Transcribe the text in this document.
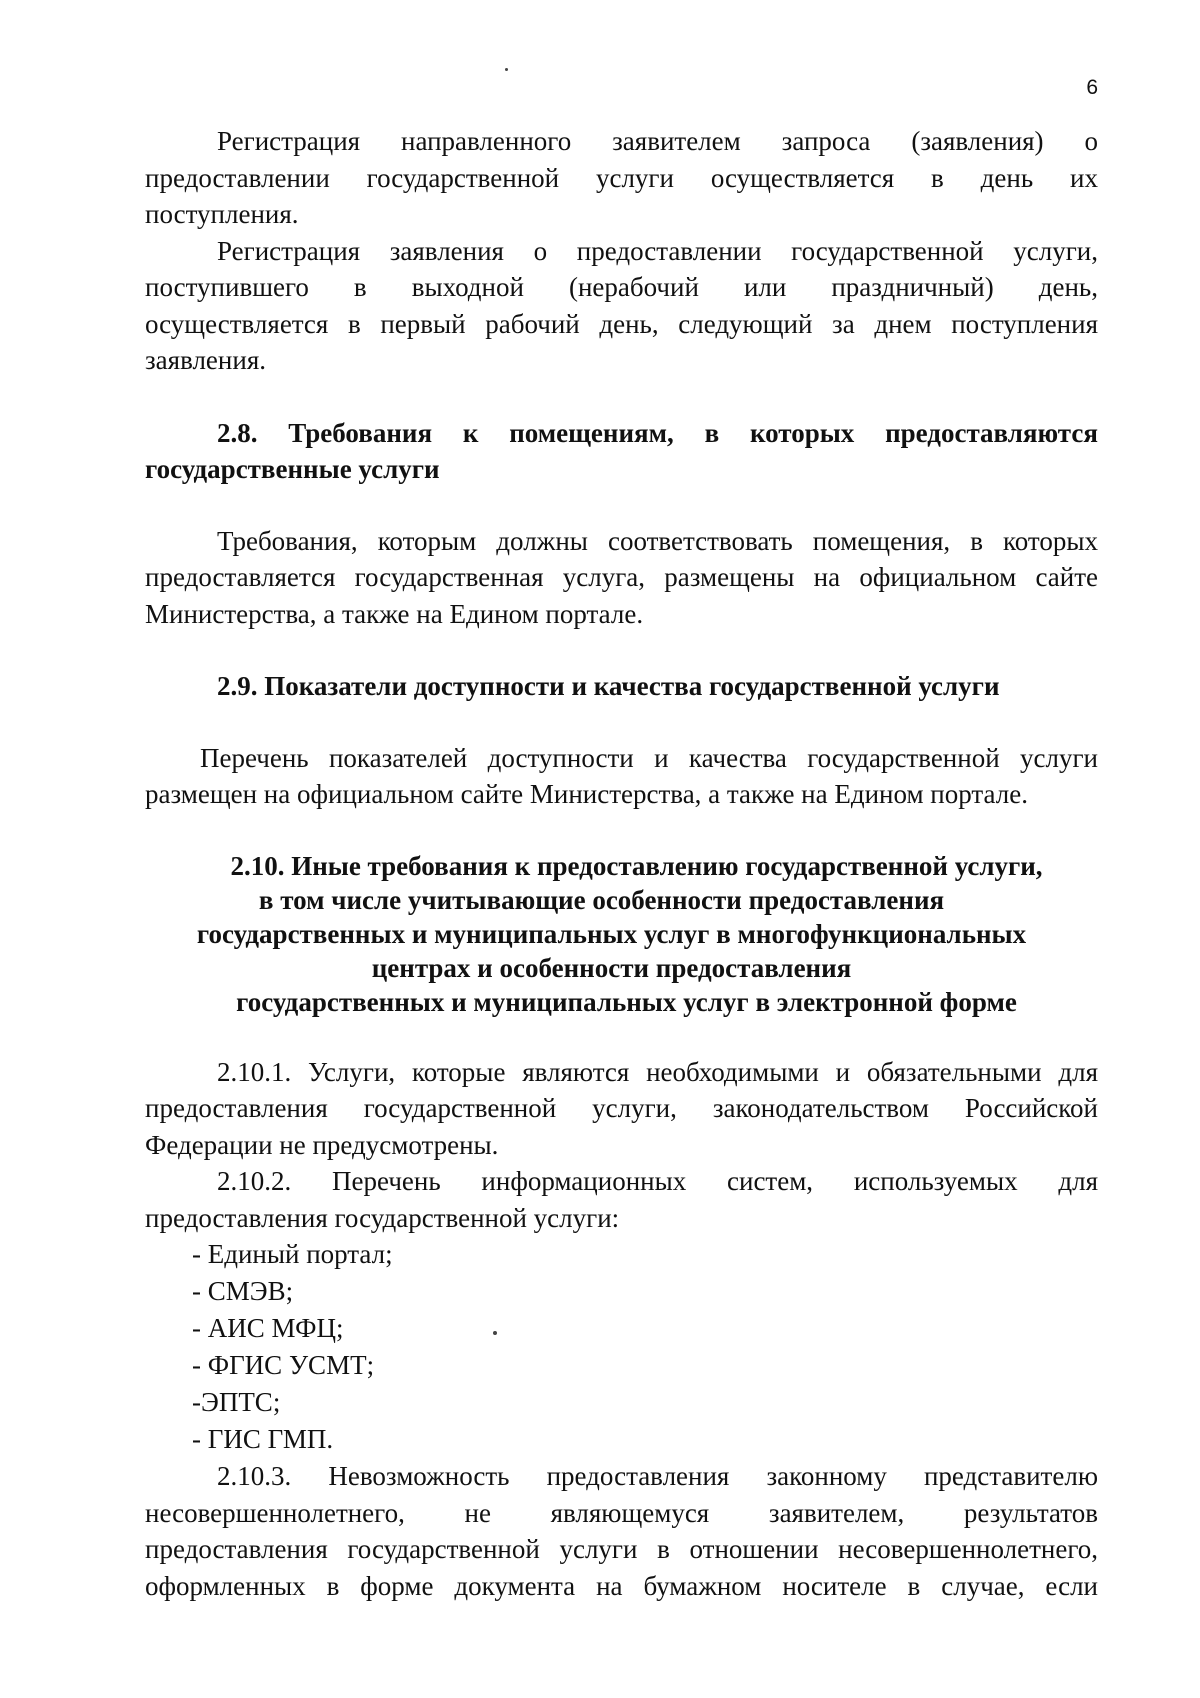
6

Регистрация направленного заявителем запроса (заявления) о

предоставлении государственной услуги осуществляется в день их

поступления.

Регистрация заявления о предоставлении государственной услуги,

поступившего в выходной (нерабочий или праздничный) день,

осуществляется в первый рабочий день, следующий за днем поступления

заявления.

2.8. Требования к помещениям, в которых предоставляются

государственные услуги

Требования, которым должны соответствовать помещения, в которых

предоставляется государственная услуга, размещены на официальном сайте

Министерства, а также на Едином портале.

2.9. Показатели доступности и качества государственной услуги

Перечень показателей доступности и качества государственной услуги

размещен на официальном сайте Министерства, а также на Едином портале.

2.10. Иные требования к предоставлению государственной услуги,
в том числе учитывающие особенности предоставления
государственных и муниципальных услуг в многофункциональных
центрах и особенности предоставления
государственных и муниципальных услуг в электронной форме

2.10.1. Услуги, которые являются необходимыми и обязательными для

предоставления государственной услуги, законодательством Российской

Федерации не предусмотрены.

2.10.2. Перечень информационных систем, используемых для

предоставления государственной услуги:

- Единый портал;
- СМЭВ;
- АИС МФЦ;
- ФГИС УСМТ;
-ЭПТС;
- ГИС ГМП.

2.10.3. Невозможность предоставления законному представителю

несовершеннолетнего, не являющемуся заявителем, результатов

предоставления государственной услуги в отношении несовершеннолетнего,

оформленных в форме документа на бумажном носителе в случае, если
